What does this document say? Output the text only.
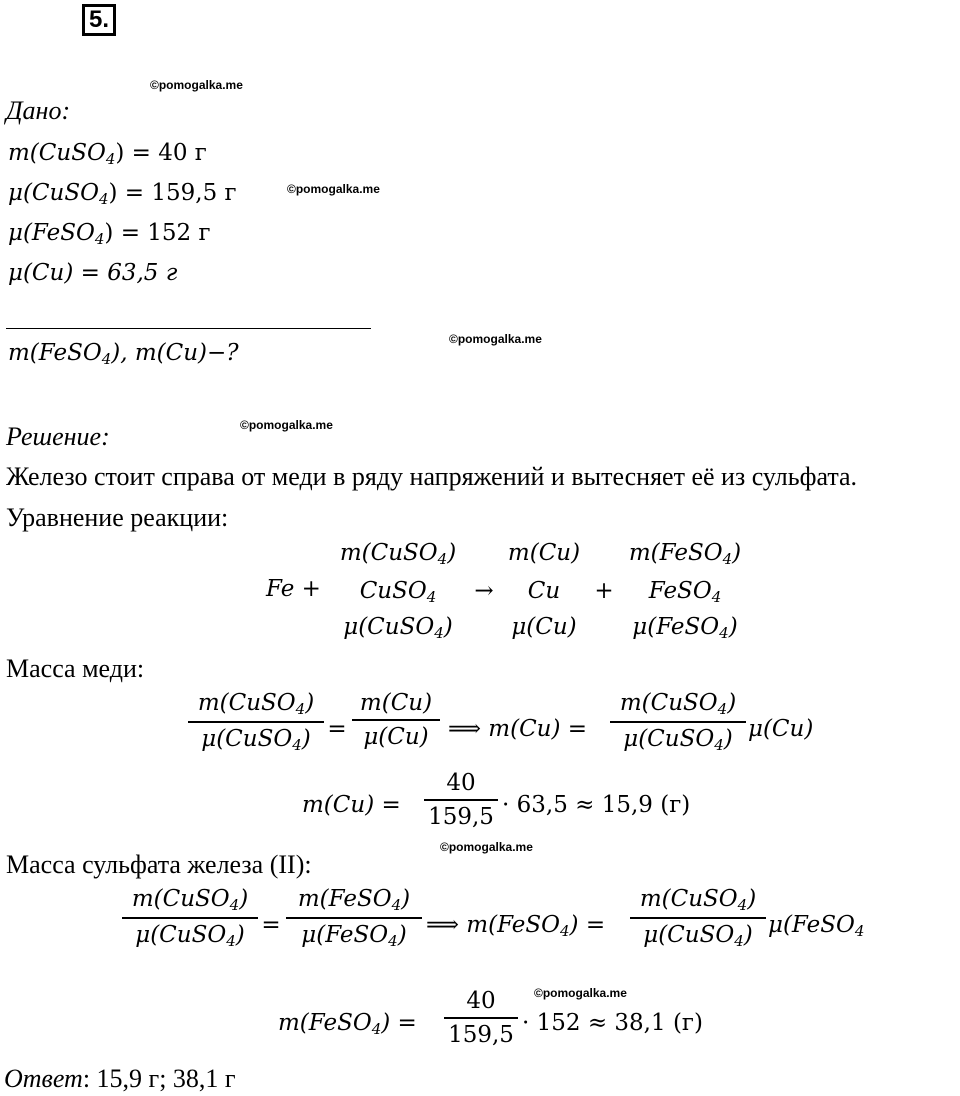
5.
©pomogalka.me
©pomogalka.me
©pomogalka.me
©pomogalka.me
©pomogalka.me
©pomogalka.me
Дано:
m(CuSO$_4$) = 40 г
μ(CuSO$_4$) = 159,5 г
μ(FeSO$_4$) = 152 г
μ(Cu) = 63,5 г
m(FeSO$_4$), m(Cu)−?
Решение:
Железо стоит справа от меди в ряду напряжений и вытесняет её из сульфата.
Уравнение реакции:
Fe +
m(CuSO$_4$)
CuSO$_4$
μ(CuSO$_4$)
→
m(Cu)
Cu
μ(Cu)
+
m(FeSO$_4$)
FeSO$_4$
μ(FeSO$_4$)
Масса меди:
m(CuSO$_4$)
μ(CuSO$_4$) =
m(Cu)
μ(Cu) ⟹ m(Cu) =
m(CuSO$_4$)
μ(CuSO$_4$) μ(Cu)
m(Cu) =
40
159,5 · 63,5 ≈ 15,9 (г)
Масса сульфата железа (II):
m(CuSO$_4$)
μ(CuSO$_4$) =
m(FeSO$_4$)
μ(FeSO$_4$) ⟹ m(FeSO$_4$) =
m(CuSO$_4$)
μ(CuSO$_4$) μ(FeSO$_4$
m(FeSO$_4$) =
40
159,5 · 152 ≈ 38,1 (г)
Ответ: 15,9 г; 38,1 г
